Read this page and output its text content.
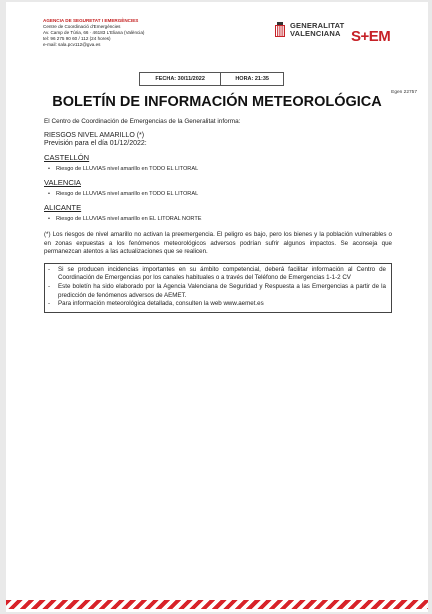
AGENCIA DE SEGURETAT I EMERGÈNCIES
Centre de Coordinació d'Emergències
Av. Camp de Túria, 66 · 46183 L'Eliana (València)
tel: 96 275 90 60 / 112 (24 hores)
e-mail: sala.pcv112@gva.es
GENERALITAT
VALENCIANA S+EM
FECHA: 30/11/2022	HORA: 21:35
Egen 22757
BOLETÍN DE INFORMACIÓN METEOROLÓGICA

El Centro de Coordinación de Emergencias de la Generalitat informa:

RIESGOS NIVEL AMARILLO (*)
Previsión para el día 01/12/2022:
CASTELLÓN
•	Riesgo de LLUVIAS nivel amarillo en TODO EL LITORAL
VALENCIA
•	Riesgo de LLUVIAS nivel amarillo en TODO EL LITORAL
ALICANTE
•	Riesgo de LLUVIAS nivel amarillo en EL LITORAL NORTE
(*) Los riesgos de nivel amarillo no activan la preemergencia. El peligro es bajo, pero los bienes y la población vulnerables o en zonas expuestas a los fenómenos meteorológicos adversos podrían sufrir algunos impactos. Se aconseja que permanezcan atentos a las actualizaciones que se realicen.
-	Si se producen incidencias importantes en su ámbito competencial, deberá facilitar información al Centro de Coordinación de Emergencias por los canales habituales o a través del Teléfono de Emergencias 1-1-2 CV
-	Este boletín ha sido elaborado por la Agencia Valenciana de Seguridad y Respuesta a las Emergencias a partir de la predicción de fenómenos adversos de AEMET.
-	Para información meteorológica detallada, consulten la web www.aemet.es
